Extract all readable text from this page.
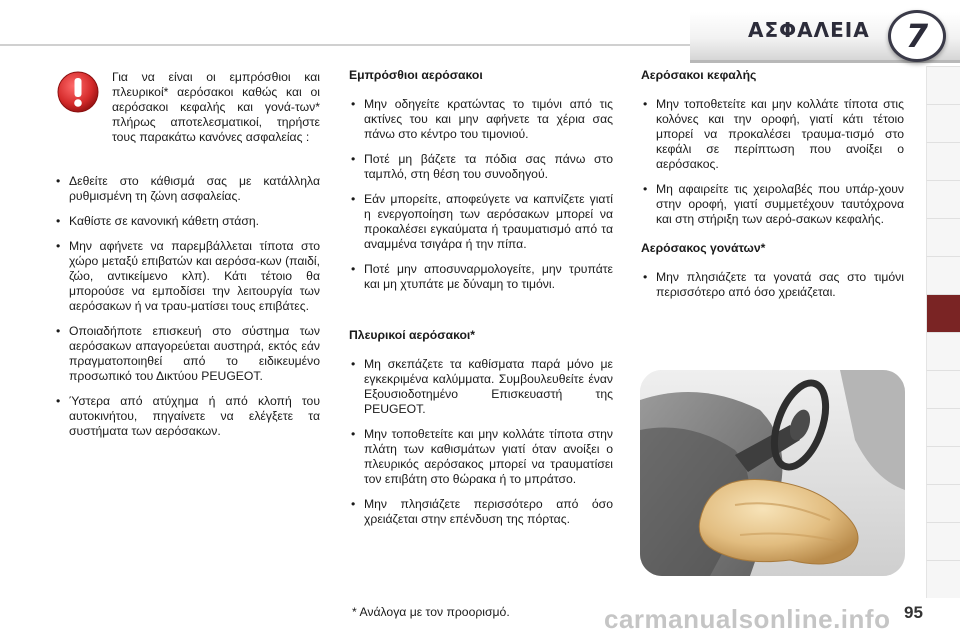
ΑΣΦΑΛΕΙΑ	7
Για να είναι οι εμπρόσθιοι και πλευρικοί* αερόσακοι καθώς και οι αερόσακοι κεφαλής και γονά-των* πλήρως αποτελεσματικοί, τηρήστε τους παρακάτω κανόνες ασφαλείας :
• Δεθείτε στο κάθισμά σας με κατάλληλα ρυθμισμένη τη ζώνη ασφαλείας.
• Καθίστε σε κανονική κάθετη στάση.
• Μην αφήνετε να παρεμβάλλεται τίποτα στο χώρο μεταξύ επιβατών και αερόσα-κων (παιδί, ζώο, αντικείμενο κλπ). Κάτι τέτοιο θα μπορούσε να εμποδίσει την λειτουργία των αερόσακων ή να τραυ-ματίσει τους επιβάτες.
• Οποιαδήποτε επισκευή στο σύστημα των αερόσακων απαγορεύεται αυστηρά, εκτός εάν πραγματοποιηθεί από το ειδικευμένο προσωπικό του Δικτύου PEUGEOT.
• Ύστερα από ατύχημα ή από κλοπή του αυτοκινήτου, πηγαίνετε να ελέγξετε τα συστήματα των αερόσακων.
Εμπρόσθιοι αερόσακοι
• Μην οδηγείτε κρατώντας το τιμόνι από τις ακτίνες του και μην αφήνετε τα χέρια σας πάνω στο κέντρο του τιμονιού.
• Ποτέ μη βάζετε τα πόδια σας πάνω στο ταμπλό, στη θέση του συνοδηγού.
• Εάν μπορείτε, αποφεύγετε να καπνίζετε γιατί η ενεργοποίηση των αερόσακων μπορεί να προκαλέσει εγκαύματα ή τραυματισμό από τα αναμμένα τσιγάρα ή την πίπα.
• Ποτέ μην αποσυναρμολογείτε, μην τρυπάτε και μη χτυπάτε με δύναμη το τιμόνι.
Πλευρικοί αερόσακοι*
• Μη σκεπάζετε τα καθίσματα παρά μόνο με εγκεκριμένα καλύμματα. Συμβουλευθείτε έναν Εξουσιοδοτημένο Επισκευαστή της PEUGEOT.
• Μην τοποθετείτε και μην κολλάτε τίποτα στην πλάτη των καθισμάτων γιατί όταν ανοίξει ο πλευρικός αερόσακος μπορεί να τραυματίσει τον επιβάτη στο θώρακα ή το μπράτσο.
• Μην πλησιάζετε περισσότερο από όσο χρειάζεται στην επένδυση της πόρτας.
Αερόσακοι κεφαλής
• Μην τοποθετείτε και μην κολλάτε τίποτα στις κολόνες και την οροφή, γιατί κάτι τέτοιο μπορεί να προκαλέσει τραυμα-τισμό στο κεφάλι σε περίπτωση που ανοίξει ο αερόσακος.
• Μη αφαιρείτε τις χειρολαβές που υπάρ-χουν στην οροφή, γιατί συμμετέχουν ταυτόχρονα και στη στήριξη των αερό-σακων κεφαλής.
Αερόσακος γονάτων*
• Μην πλησιάζετε τα γονατά σας στο τιμόνι περισσότερο από όσο χρειάζεται.
* Ανάλογα με τον προορισμό.	95
carmanualsonline.info
